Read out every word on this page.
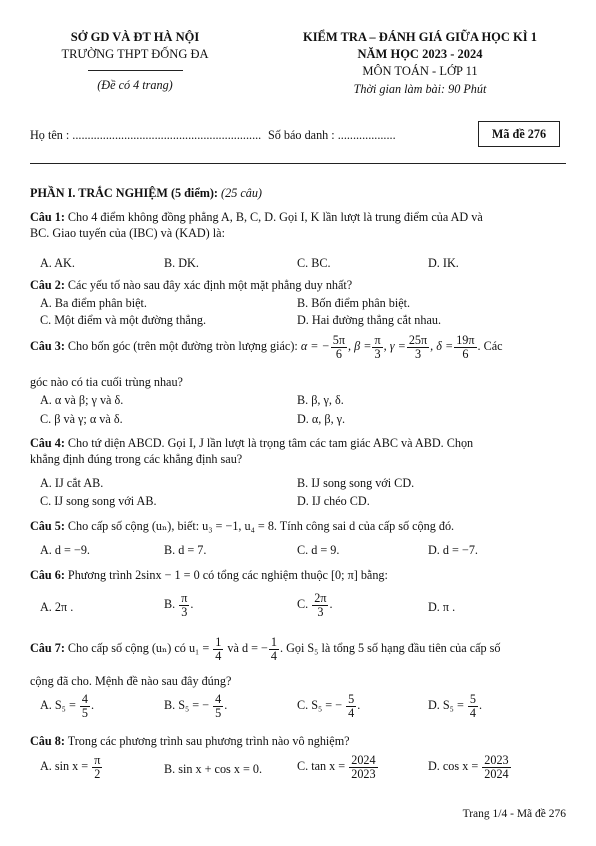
SỞ GD VÀ ĐT HÀ NỘI
TRƯỜNG THPT ĐỐNG ĐA
(Đề có 4 trang)
KIỂM TRA – ĐÁNH GIÁ GIỮA HỌC KÌ 1
NĂM HỌC 2023 - 2024
MÔN TOÁN - LỚP 11
Thời gian làm bài: 90 Phút
Họ tên : .............................................................. Số báo danh : ...................	Mã đề 276
PHẦN I. TRẮC NGHIỆM (5 điểm): (25 câu)
Câu 1: Cho 4 điểm không đồng phẳng A, B, C, D. Gọi I, K lần lượt là trung điểm của AD và
BC. Giao tuyến của (IBC) và (KAD) là:
A. AK.	B. DK.	C. BC.	D. IK.
Câu 2: Các yếu tố nào sau đây xác định một mặt phẳng duy nhất?
A. Ba điểm phân biệt.	B. Bốn điểm phân biệt.
C. Một điểm và một đường thẳng.	D. Hai đường thẳng cắt nhau.
Câu 3: Cho bốn góc (trên một đường tròn lượng giác): α = − $\frac{5\pi}{6}$ , $\beta = \frac{\pi}{3}$ , $\gamma = \frac{25\pi}{3}$ , $\delta = \frac{19\pi}{6}$ . Các
góc nào có tia cuối trùng nhau?
A. α và β; γ và δ.	B. β, γ, δ.
C. β và γ; α và δ.	D. α, β, γ.
Câu 4: Cho tứ diện ABCD. Gọi I, J lần lượt là trọng tâm các tam giác ABC và ABD. Chọn
khẳng định đúng trong các khẳng định sau?
A. IJ cắt AB.	B. IJ song song với CD.
C. IJ song song với AB.	D. IJ chéo CD.
Câu 5: Cho cấp số cộng (uₙ), biết: u₃ = −1, u₄ = 8. Tính công sai d của cấp số cộng đó.
A. d = −9.	B. d = 7.	C. d = 9.	D. d = −7.
Câu 6: Phương trình 2sinx − 1 = 0 có tổng các nghiệm thuộc [0; π] bằng:
A. 2π .	B. $\frac{\pi}{3}$ .	C. $\frac{2\pi}{3}$ .	D. π .
Câu 7: Cho cấp số cộng (uₙ) có $u_1 = \frac{1}{4}$ và d = − $\frac{1}{4}$ . Gọi S₅ là tổng 5 số hạng đầu tiên của cấp số
cộng đã cho. Mệnh đề nào sau đây đúng?
A. $S_5 = \frac{4}{5}$ .	B. S₅ = − $\frac{4}{5}$ .	C. S₅ = − $\frac{5}{4}$ .	D. $S_5 = \frac{5}{4}$ .
Câu 8: Trong các phương trình sau phương trình nào vô nghiệm?
A. $\sin x = \frac{\pi}{2}$	B. sin x + cos x = 0.	C. $\tan x = \frac{2024}{2023}$	D. $\cos x = \frac{2023}{2024}$
Trang 1/4 - Mã đề 276
